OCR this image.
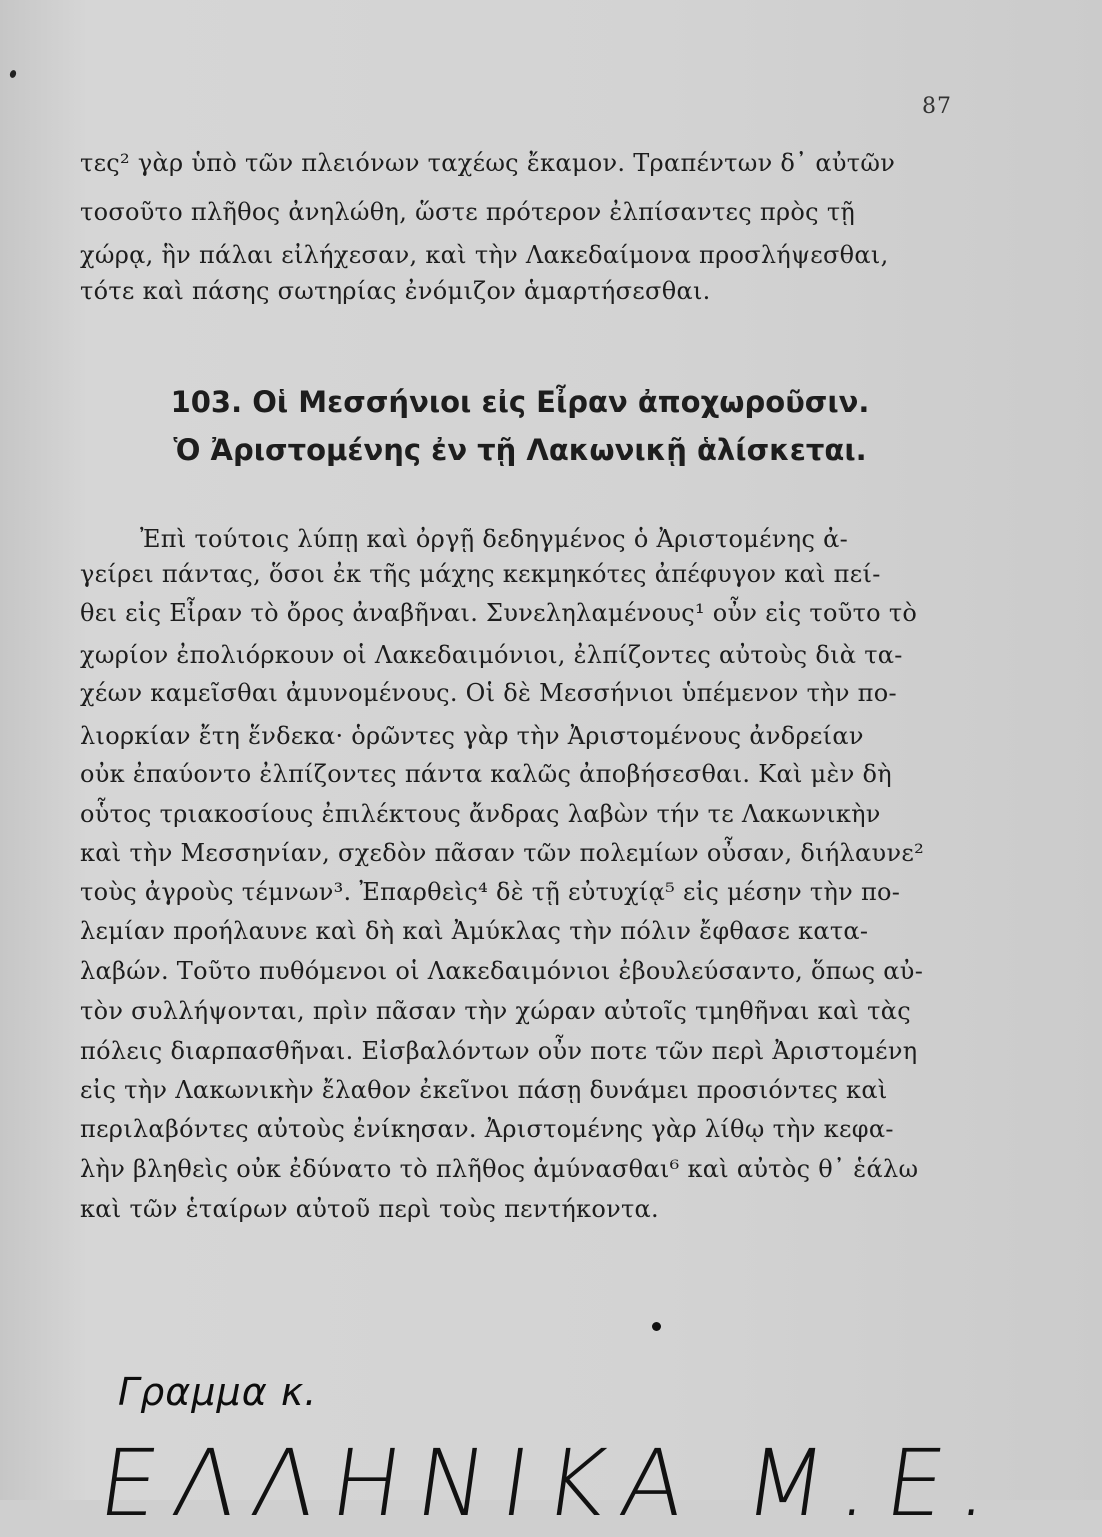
87
τες² γὰρ ὑπὸ τῶν πλειόνων ταχέως ἔκαμον. Τραπέντων δ᾽ αὐτῶν
τοσοῦτο πλῆθος ἀνηλώθη, ὥστε πρότερον ἐλπίσαντες πρὸς τῇ
χώρᾳ, ἣν πάλαι εἰλήχεσαν, καὶ τὴν Λακεδαίμονα προσλήψεσθαι,
τότε καὶ πάσης σωτηρίας ἐνόμιζον ἁμαρτήσεσθαι.
103. Οἱ Μεσσήνιοι εἰς Εἶραν ἀποχωροῦσιν.
Ὁ Ἀριστομένης ἐν τῇ Λακωνικῇ ἁλίσκεται.
Ἐπὶ τούτοις λύπῃ καὶ ὀργῇ δεδηγμένος ὁ Ἀριστομένης ἀ-
γείρει πάντας, ὅσοι ἐκ τῆς μάχης κεκμηκότες ἀπέφυγον καὶ πεί-
θει εἰς Εἶραν τὸ ὄρος ἀναβῆναι. Συνεληλαμένους¹ οὖν εἰς τοῦτο τὸ
χωρίον ἐπολιόρκουν οἱ Λακεδαιμόνιοι, ἐλπίζοντες αὐτοὺς διὰ τα-
χέων καμεῖσθαι ἀμυνομένους. Οἱ δὲ Μεσσήνιοι ὑπέμενον τὴν πο-
λιορκίαν ἔτη ἕνδεκα· ὁρῶντες γὰρ τὴν Ἀριστομένους ἀνδρείαν
οὐκ ἐπαύοντο ἐλπίζοντες πάντα καλῶς ἀποβήσεσθαι. Καὶ μὲν δὴ
οὗτος τριακοσίους ἐπιλέκτους ἄνδρας λαβὼν τήν τε Λακωνικὴν
καὶ τὴν Μεσσηνίαν, σχεδὸν πᾶσαν τῶν πολεμίων οὖσαν, διήλαυνε²
τοὺς ἀγροὺς τέμνων³. Ἐπαρθεὶς⁴ δὲ τῇ εὐτυχίᾳ⁵ εἰς μέσην τὴν πο-
λεμίαν προήλαυνε καὶ δὴ καὶ Ἀμύκλας τὴν πόλιν ἔφθασε κατα-
λαβών. Τοῦτο πυθόμενοι οἱ Λακεδαιμόνιοι ἐβουλεύσαντο, ὅπως αὐ-
τὸν συλλήψονται, πρὶν πᾶσαν τὴν χώραν αὐτοῖς τμηθῆναι καὶ τὰς
πόλεις διαρπασθῆναι. Εἰσβαλόντων οὖν ποτε τῶν περὶ Ἀριστομένη
εἰς τὴν Λακωνικὴν ἔλαθον ἐκεῖνοι πάσῃ δυνάμει προσιόντες καὶ
περιλαβόντες αὐτοὺς ἐνίκησαν. Ἀριστομένης γὰρ λίθῳ τὴν κεφα-
λὴν βληθεὶς οὐκ ἐδύνατο τὸ πλῆθος ἀμύνασθαι⁶ καὶ αὐτὸς θ᾽ ἑάλω
καὶ τῶν ἑταίρων αὐτοῦ περὶ τοὺς πεντήκοντα.
Γραμμα κ.
ΕΛΛΗΝΙΚΑ Μ.Ε.
